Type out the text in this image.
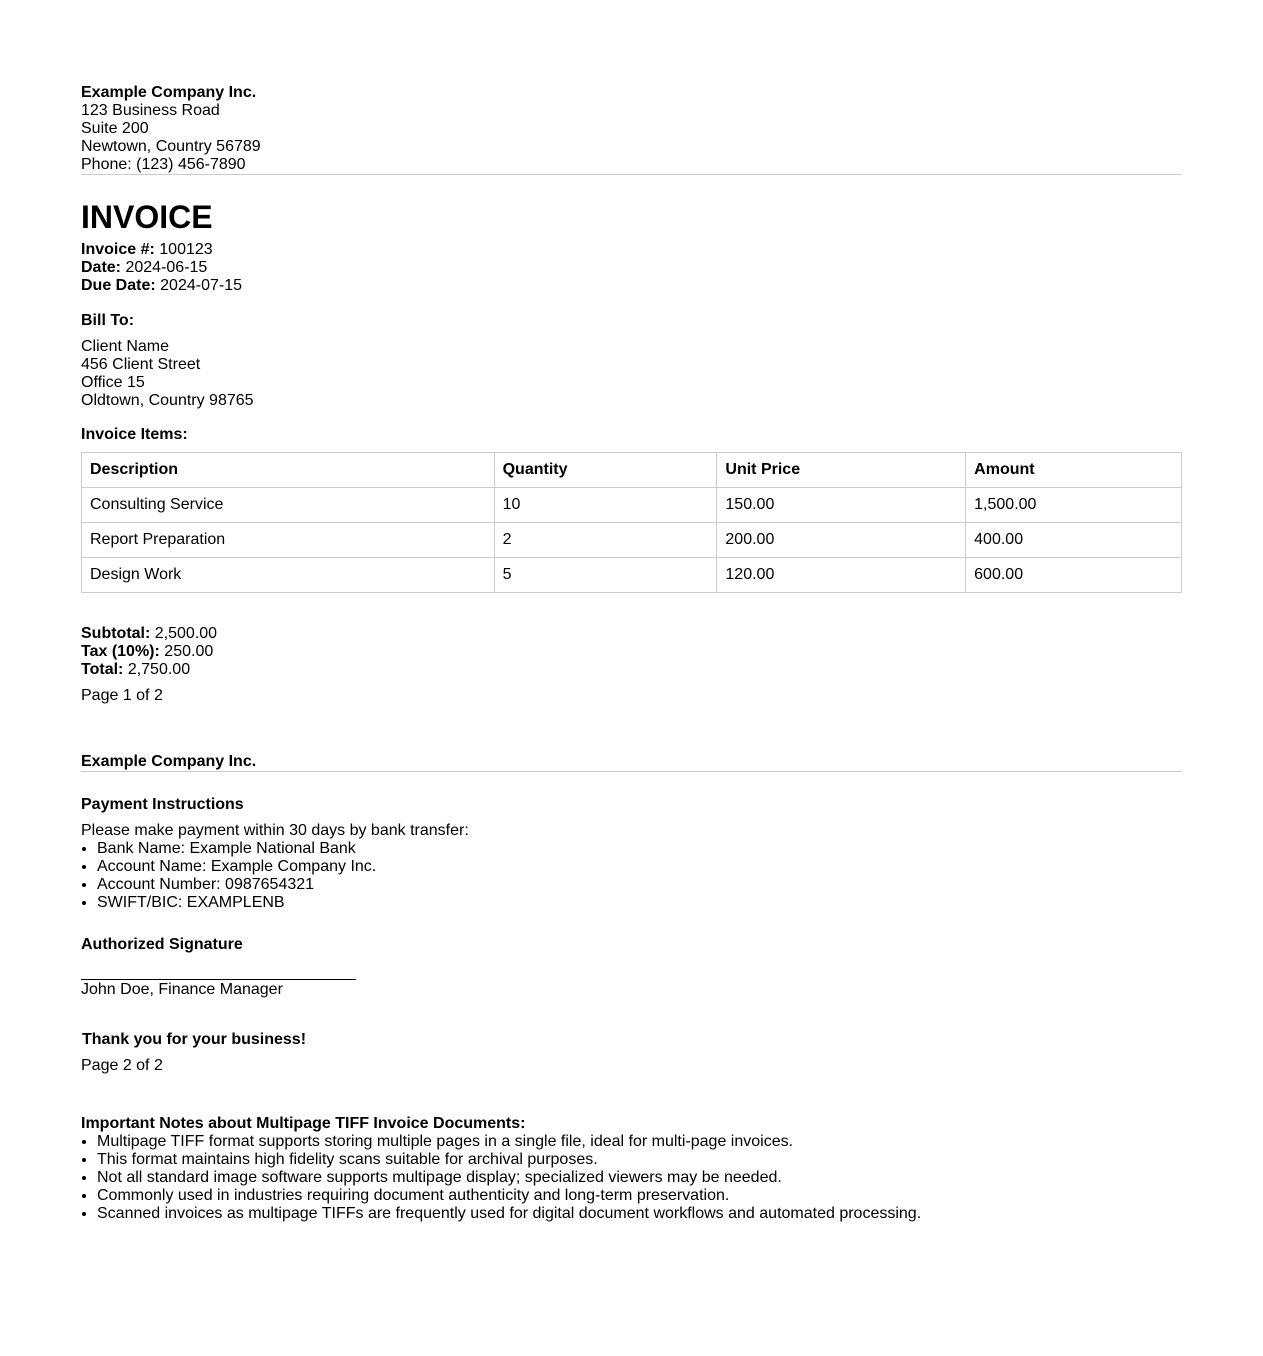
Example Company Inc.
123 Business Road
Suite 200
Newtown, Country 56789
Phone: (123) 456-7890
INVOICE
Invoice #: 100123
Date: 2024-06-15
Due Date: 2024-07-15
Bill To:
Client Name
456 Client Street
Office 15
Oldtown, Country 98765
Invoice Items:
Description	Quantity	Unit Price	Amount
Consulting Service	10	150.00	1,500.00
Report Preparation	2	200.00	400.00
Design Work	5	120.00	600.00
Subtotal: 2,500.00
Tax (10%): 250.00
Total: 2,750.00
Page 1 of 2
Example Company Inc.
Payment Instructions
Please make payment within 30 days by bank transfer:
• Bank Name: Example National Bank
• Account Name: Example Company Inc.
• Account Number: 0987654321
• SWIFT/BIC: EXAMPLENB
Authorized Signature
John Doe, Finance Manager
Thank you for your business!
Page 2 of 2
Important Notes about Multipage TIFF Invoice Documents:
• Multipage TIFF format supports storing multiple pages in a single file, ideal for multi-page invoices.
• This format maintains high fidelity scans suitable for archival purposes.
• Not all standard image software supports multipage display; specialized viewers may be needed.
• Commonly used in industries requiring document authenticity and long-term preservation.
• Scanned invoices as multipage TIFFs are frequently used for digital document workflows and automated processing.
